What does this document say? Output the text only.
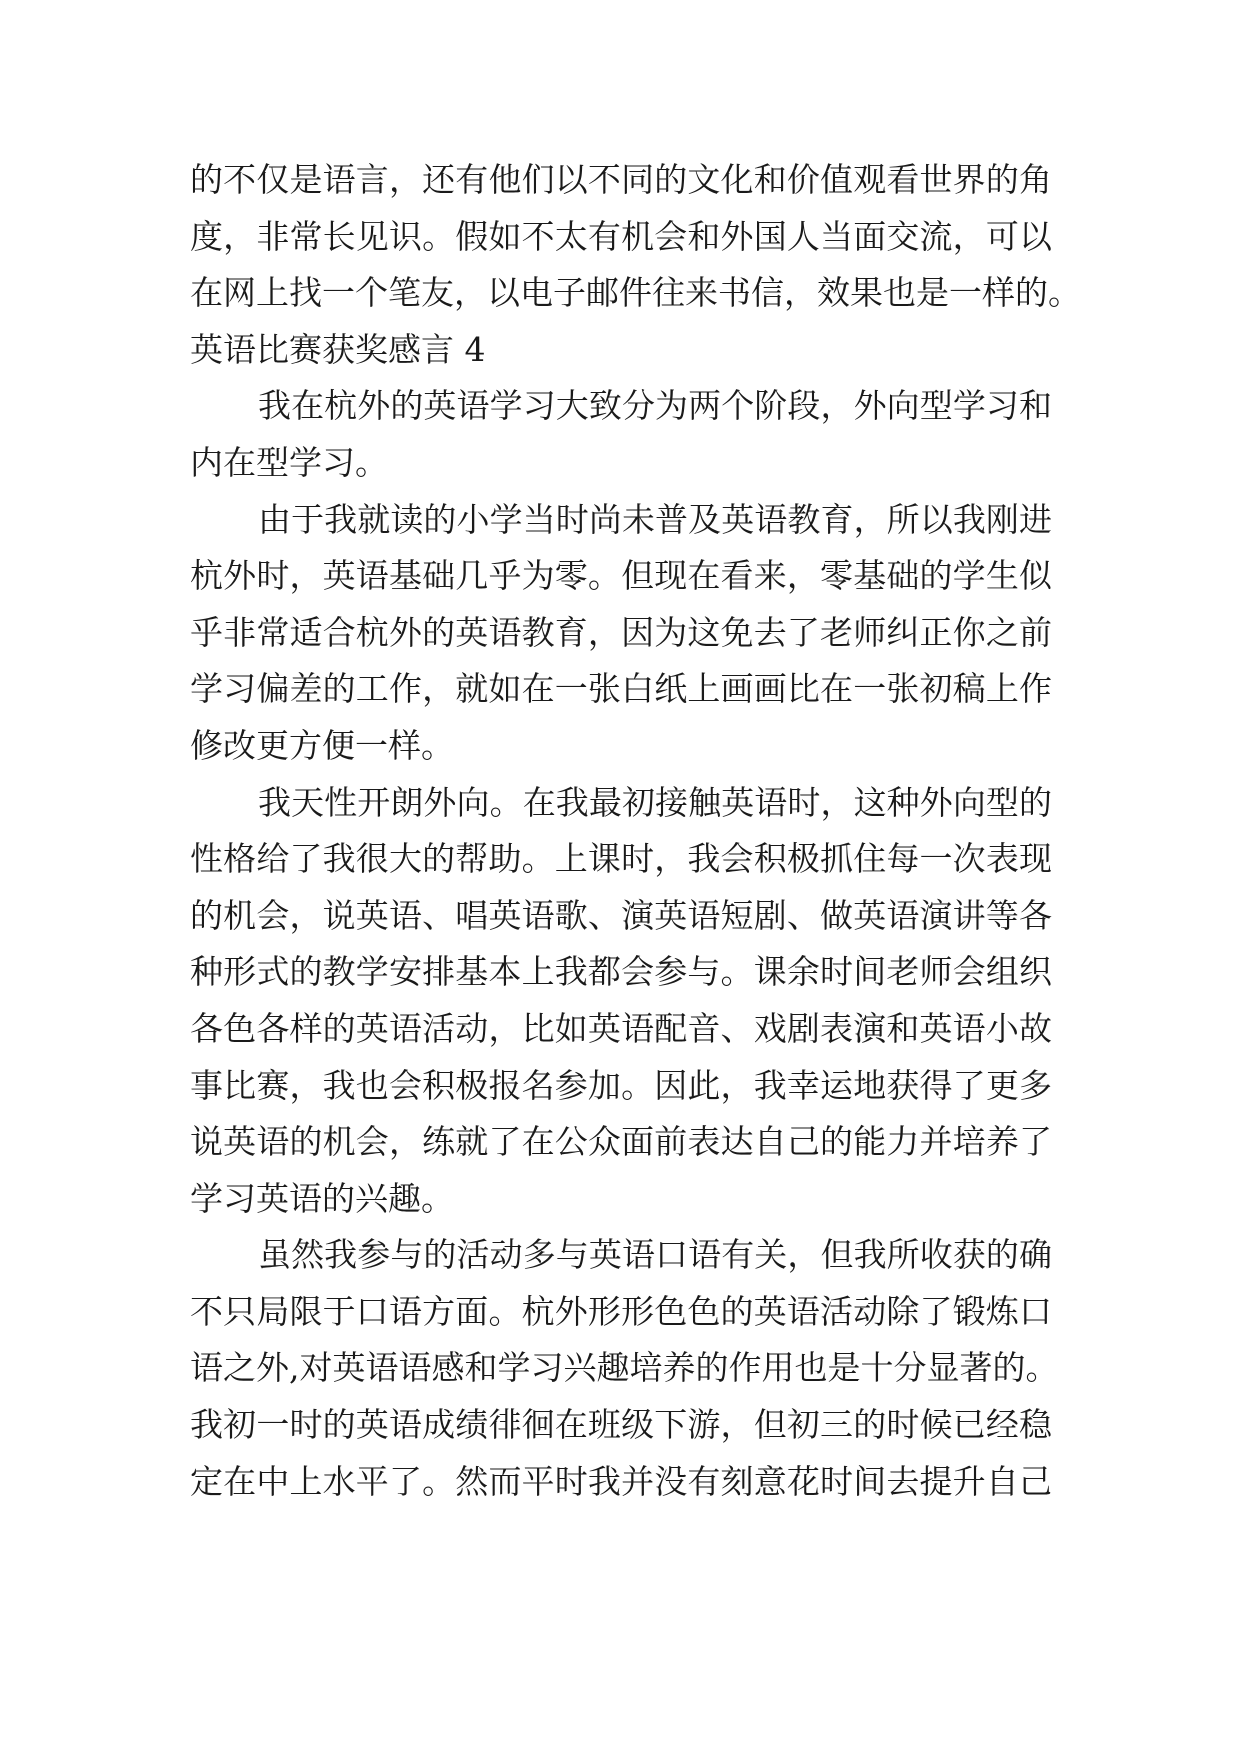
的不仅是语言，还有他们以不同的文化和价值观看世界的角
度，非常长见识。假如不太有机会和外国人当面交流，可以
在网上找一个笔友，以电子邮件往来书信，效果也是一样的。
英语比赛获奖感言 4
我在杭外的英语学习大致分为两个阶段，外向型学习和
内在型学习。
由于我就读的小学当时尚未普及英语教育，所以我刚进
杭外时，英语基础几乎为零。但现在看来，零基础的学生似
乎非常适合杭外的英语教育，因为这免去了老师纠正你之前
学习偏差的工作，就如在一张白纸上画画比在一张初稿上作
修改更方便一样。
我天性开朗外向。在我最初接触英语时，这种外向型的
性格给了我很大的帮助。上课时，我会积极抓住每一次表现
的机会，说英语、唱英语歌、演英语短剧、做英语演讲等各
种形式的教学安排基本上我都会参与。课余时间老师会组织
各色各样的英语活动，比如英语配音、戏剧表演和英语小故
事比赛，我也会积极报名参加。因此，我幸运地获得了更多
说英语的机会，练就了在公众面前表达自己的能力并培养了
学习英语的兴趣。
虽然我参与的活动多与英语口语有关，但我所收获的确
不只局限于口语方面。杭外形形色色的英语活动除了锻炼口
语之外,对英语语感和学习兴趣培养的作用也是十分显著的。
我初一时的英语成绩徘徊在班级下游，但初三的时候已经稳
定在中上水平了。然而平时我并没有刻意花时间去提升自己
